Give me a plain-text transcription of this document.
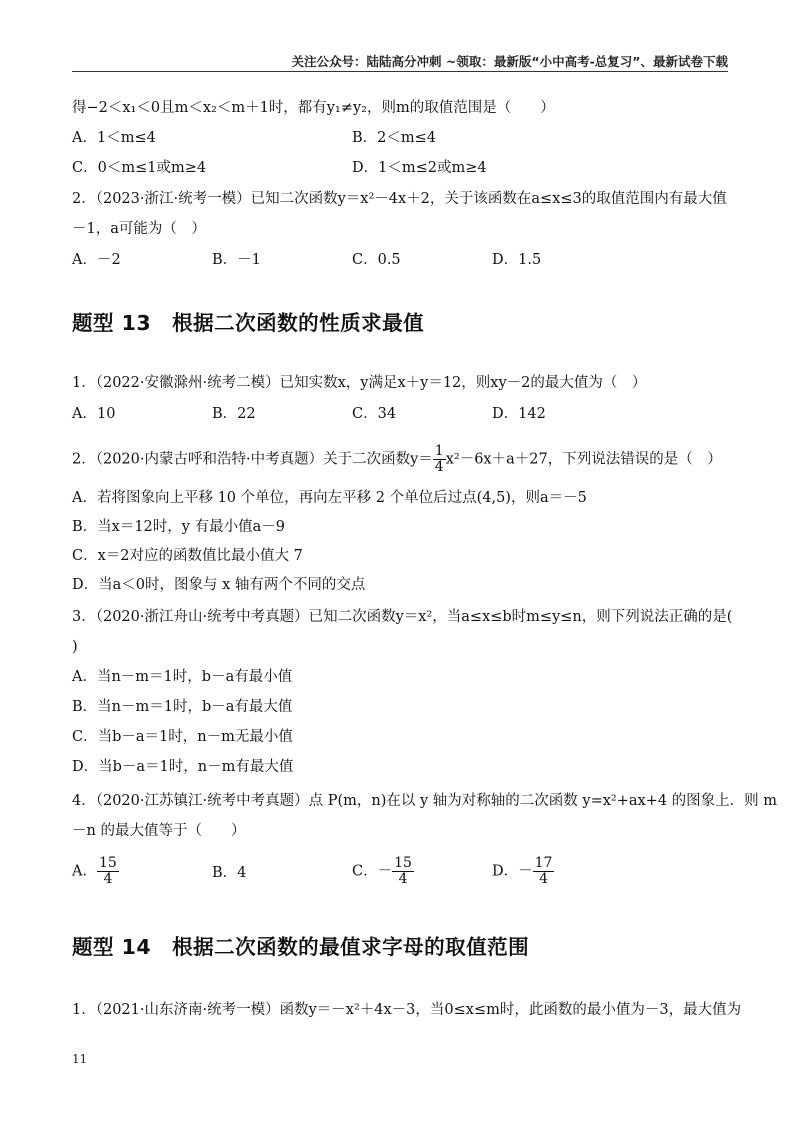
关注公众号：陆陆高分冲刺 ~领取：最新版“小中高考-总复习”、最新试卷下载
得−2＜x₁＜0且m＜x₂＜m＋1时，都有y₁≠y₂，则m的取值范围是（　　）
A．1＜m≤4	B．2＜m≤4
C．0＜m≤1或m≥4	D．1＜m≤2或m≥4
2．（2023·浙江·统考一模）已知二次函数y＝x²－4x＋2，关于该函数在a≤x≤3的取值范围内有最大值
－1，a可能为（　）
A．－2	B．－1	C．0.5	D．1.5
题型 13　根据二次函数的性质求最值
1．（2022·安徽滁州·统考二模）已知实数x，y满足x＋y＝12，则xy－2的最大值为（　）
A．10	B．22	C．34	D．142
2．（2020·内蒙古呼和浩特·中考真题）关于二次函数$y= \frac{1}{4} x^2-6x+a+27$，下列说法错误的是（　）
A．若将图象向上平移 10 个单位，再向左平移 2 个单位后过点(4,5)，则a＝－5
B．当x＝12时，y 有最小值a－9
C．x＝2对应的函数值比最小值大 7
D．当a＜0时，图象与 x 轴有两个不同的交点
3．（2020·浙江舟山·统考中考真题）已知二次函数y＝x²，当a≤x≤b时m≤y≤n，则下列说法正确的是(
)
A．当n－m＝1时，b－a有最小值
B．当n－m＝1时，b－a有最大值
C．当b－a＝1时，n－m无最小值
D．当b－a＝1时，n－m有最大值
4．（2020·江苏镇江·统考中考真题）点 P(m，n)在以 y 轴为对称轴的二次函数 y=x²+ax+4 的图象上．则 m
－n 的最大值等于（　　）
A． $\frac{15}{4}$	B．4	C．－ $\frac{15}{4}$	D．－ $\frac{17}{4}$
题型 14　根据二次函数的最值求字母的取值范围
1．（2021·山东济南·统考一模）函数y＝－x²＋4x－3，当0≤x≤m时，此函数的最小值为－3，最大值为
11
